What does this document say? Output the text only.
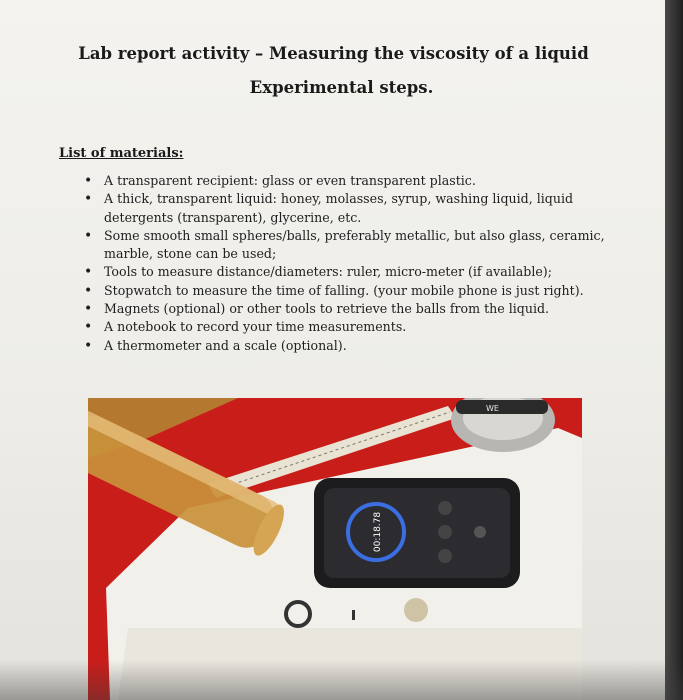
Lab report activity – Measuring the viscosity of a liquid
Experimental steps.
List of materials:
• A transparent recipient: glass or even transparent plastic.
• A thick, transparent liquid: honey, molasses, syrup, washing liquid, liquid detergents (transparent), glycerine, etc.
• Some smooth small spheres/balls, preferably metallic, but also glass, ceramic, marble, stone can be used;
• Tools to measure distance/diameters: ruler, micro-meter (if available);
• Stopwatch to measure the time of falling. (your mobile phone is just right).
• Magnets (optional) or other tools to retrieve the balls from the liquid.
• A notebook to record your time measurements.
• A thermometer and a scale (optional).
WE
00:18.78
